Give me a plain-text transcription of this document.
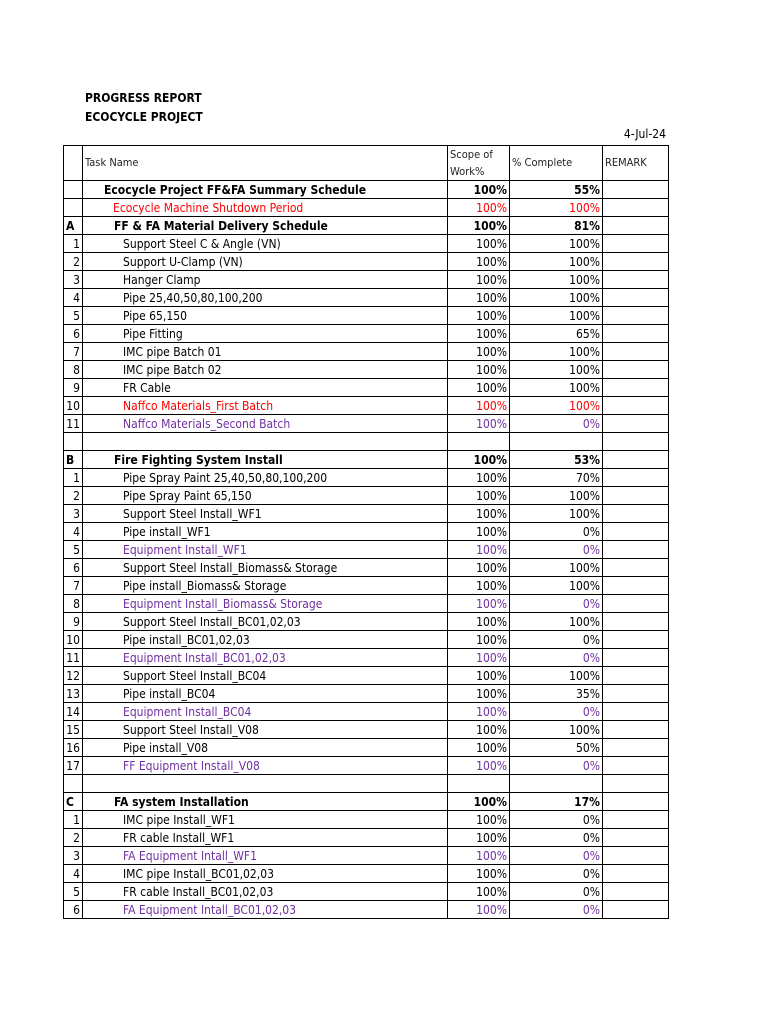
PROGRESS REPORT
ECOCYCLE PROJECT
4-Jul-24
	Task Name	Scope of Work%	% Complete	REMARK
	Ecocycle Project FF&FA Summary Schedule	100%	55%	
	Ecocycle Machine Shutdown Period	100%	100%	
A	FF & FA Material Delivery Schedule	100%	81%	
1	Support Steel C & Angle (VN)	100%	100%	
2	Support U-Clamp (VN)	100%	100%	
3	Hanger Clamp	100%	100%	
4	Pipe 25,40,50,80,100,200	100%	100%	
5	Pipe 65,150	100%	100%	
6	Pipe Fitting	100%	65%	
7	IMC pipe Batch 01	100%	100%	
8	IMC pipe Batch 02	100%	100%	
9	FR Cable	100%	100%	
10	Naffco Materials_First Batch	100%	100%	
11	Naffco Materials_Second Batch	100%	0%	

B	Fire Fighting System Install	100%	53%	
1	Pipe Spray Paint 25,40,50,80,100,200	100%	70%	
2	Pipe Spray Paint 65,150	100%	100%	
3	Support Steel Install_WF1	100%	100%	
4	Pipe install_WF1	100%	0%	
5	Equipment Install_WF1	100%	0%	
6	Support Steel Install_Biomass& Storage	100%	100%	
7	Pipe install_Biomass& Storage	100%	100%	
8	Equipment Install_Biomass& Storage	100%	0%	
9	Support Steel Install_BC01,02,03	100%	100%	
10	Pipe install_BC01,02,03	100%	0%	
11	Equipment Install_BC01,02,03	100%	0%	
12	Support Steel Install_BC04	100%	100%	
13	Pipe install_BC04	100%	35%	
14	Equipment Install_BC04	100%	0%	
15	Support Steel Install_V08	100%	100%	
16	Pipe install_V08	100%	50%	
17	FF Equipment Install_V08	100%	0%	

C	FA system Installation	100%	17%	
1	IMC pipe Install_WF1	100%	0%	
2	FR cable Install_WF1	100%	0%	
3	FA Equipment Intall_WF1	100%	0%	
4	IMC pipe Install_BC01,02,03	100%	0%	
5	FR cable Install_BC01,02,03	100%	0%	
6	FA Equipment Intall_BC01,02,03	100%	0%	
